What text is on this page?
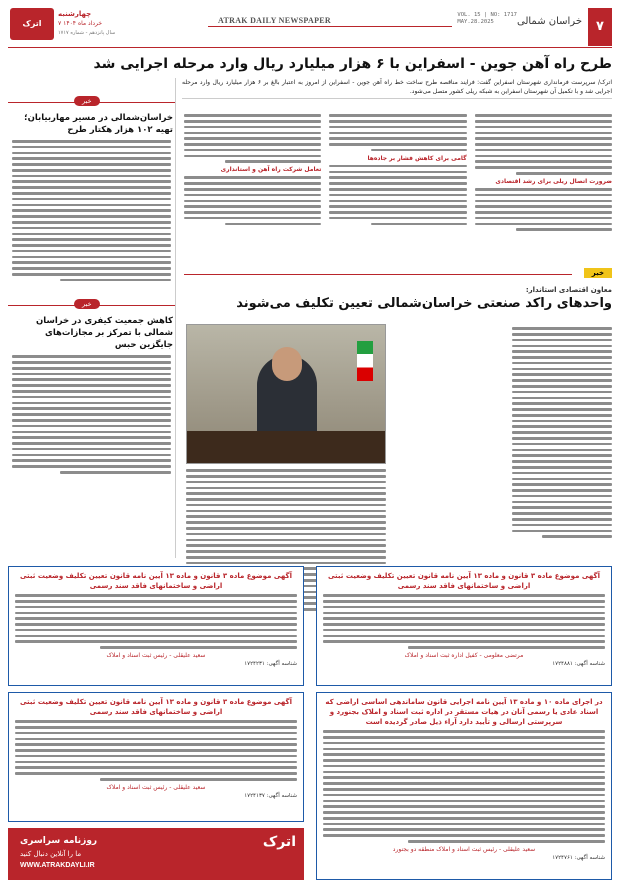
۷
خراسان شمالی
VOL. 15 | NO: 1717
MAY.28.2025
ATRAK DAILY NEWSPAPER
اترک
چهارشنبه
۷ خرداد ماه ۱۴۰۴
سال پانزدهم - شماره ۱۷۱۷
طرح راه آهن جوین - اسفراین با ۶ هزار میلیارد ریال وارد مرحله اجرایی شد
اترک/ سرپرست فرمانداری شهرستان اسفراین گفت: فرایند مناقصه طرح ساخت خط راه آهن جوین - اسفراین از امروز به اعتبار بالغ بر ۶ هزار میلیارد ریال وارد مرحله اجرایی شد و با تکمیل آن شهرستان اسفراین به شبکه ریلی کشور متصل می‌شود.
ضرورت اتصال ریلی برای رشد اقتصادی
گامی برای کاهش فشار بر جاده‌ها
تعامل شرکت راه آهن و استانداری
خبر
خراسان‌شمالی در مسیر مهاربیابان؛ تهیه ۱۰۲ هزار هکتار طرح
خبر
کاهش جمعیت کیفری در خراسان شمالی با تمرکز بر مجازات‌های جایگزین حبس
خبر
معاون اقتصادی استاندار:
واحدهای راکد صنعتی خراسان‌شمالی تعیین تکلیف می‌شوند
آگهی موضوع ماده ۳ قانون و ماده ۱۳ آیین نامه قانون تعیین تکلیف وضعیت ثبتی اراضی و ساختمانهای فاقد سند رسمی
مرتضی معلومی - کفیل اداره ثبت اسناد و املاک
شناسه آگهی: ۱۷۲۴۸۸۱
آگهی موضوع ماده ۳ قانون و ماده ۱۳ آیین نامه قانون تعیین تکلیف وضعیت ثبتی اراضی و ساختمانهای فاقد سند رسمی
سعید علیقلی - رئیس ثبت اسناد و املاک
شناسه آگهی: ۱۷۲۴۲۳۱
آگهی موضوع ماده ۳ قانون و ماده ۱۳ آیین نامه قانون تعیین تکلیف وضعیت ثبتی اراضی و ساختمانهای فاقد سند رسمی
سعید علیقلی - رئیس ثبت اسناد و املاک
شناسه آگهی: ۱۷۲۴۱۳۷
در اجرای ماده ۱۰ و ماده ۱۳ آیین نامه اجرایی قانون ساماندهی اساسی اراضی که اسناد عادی یا رسمی آنان در هیات مستقر در اداره ثبت اسناد و املاک بجنورد و سرپرستی ارسالی و تأیید دارد آراء ذیل صادر گردیده است
سعید علیقلی - رئیس ثبت اسناد و املاک منطقه دو بجنورد
شناسه آگهی: ۱۷۲۴۷۶۱
اترک
روزنامه سراسری
ما را آنلاین دنبال کنید
WWW.ATRAKDAYLI.IR
